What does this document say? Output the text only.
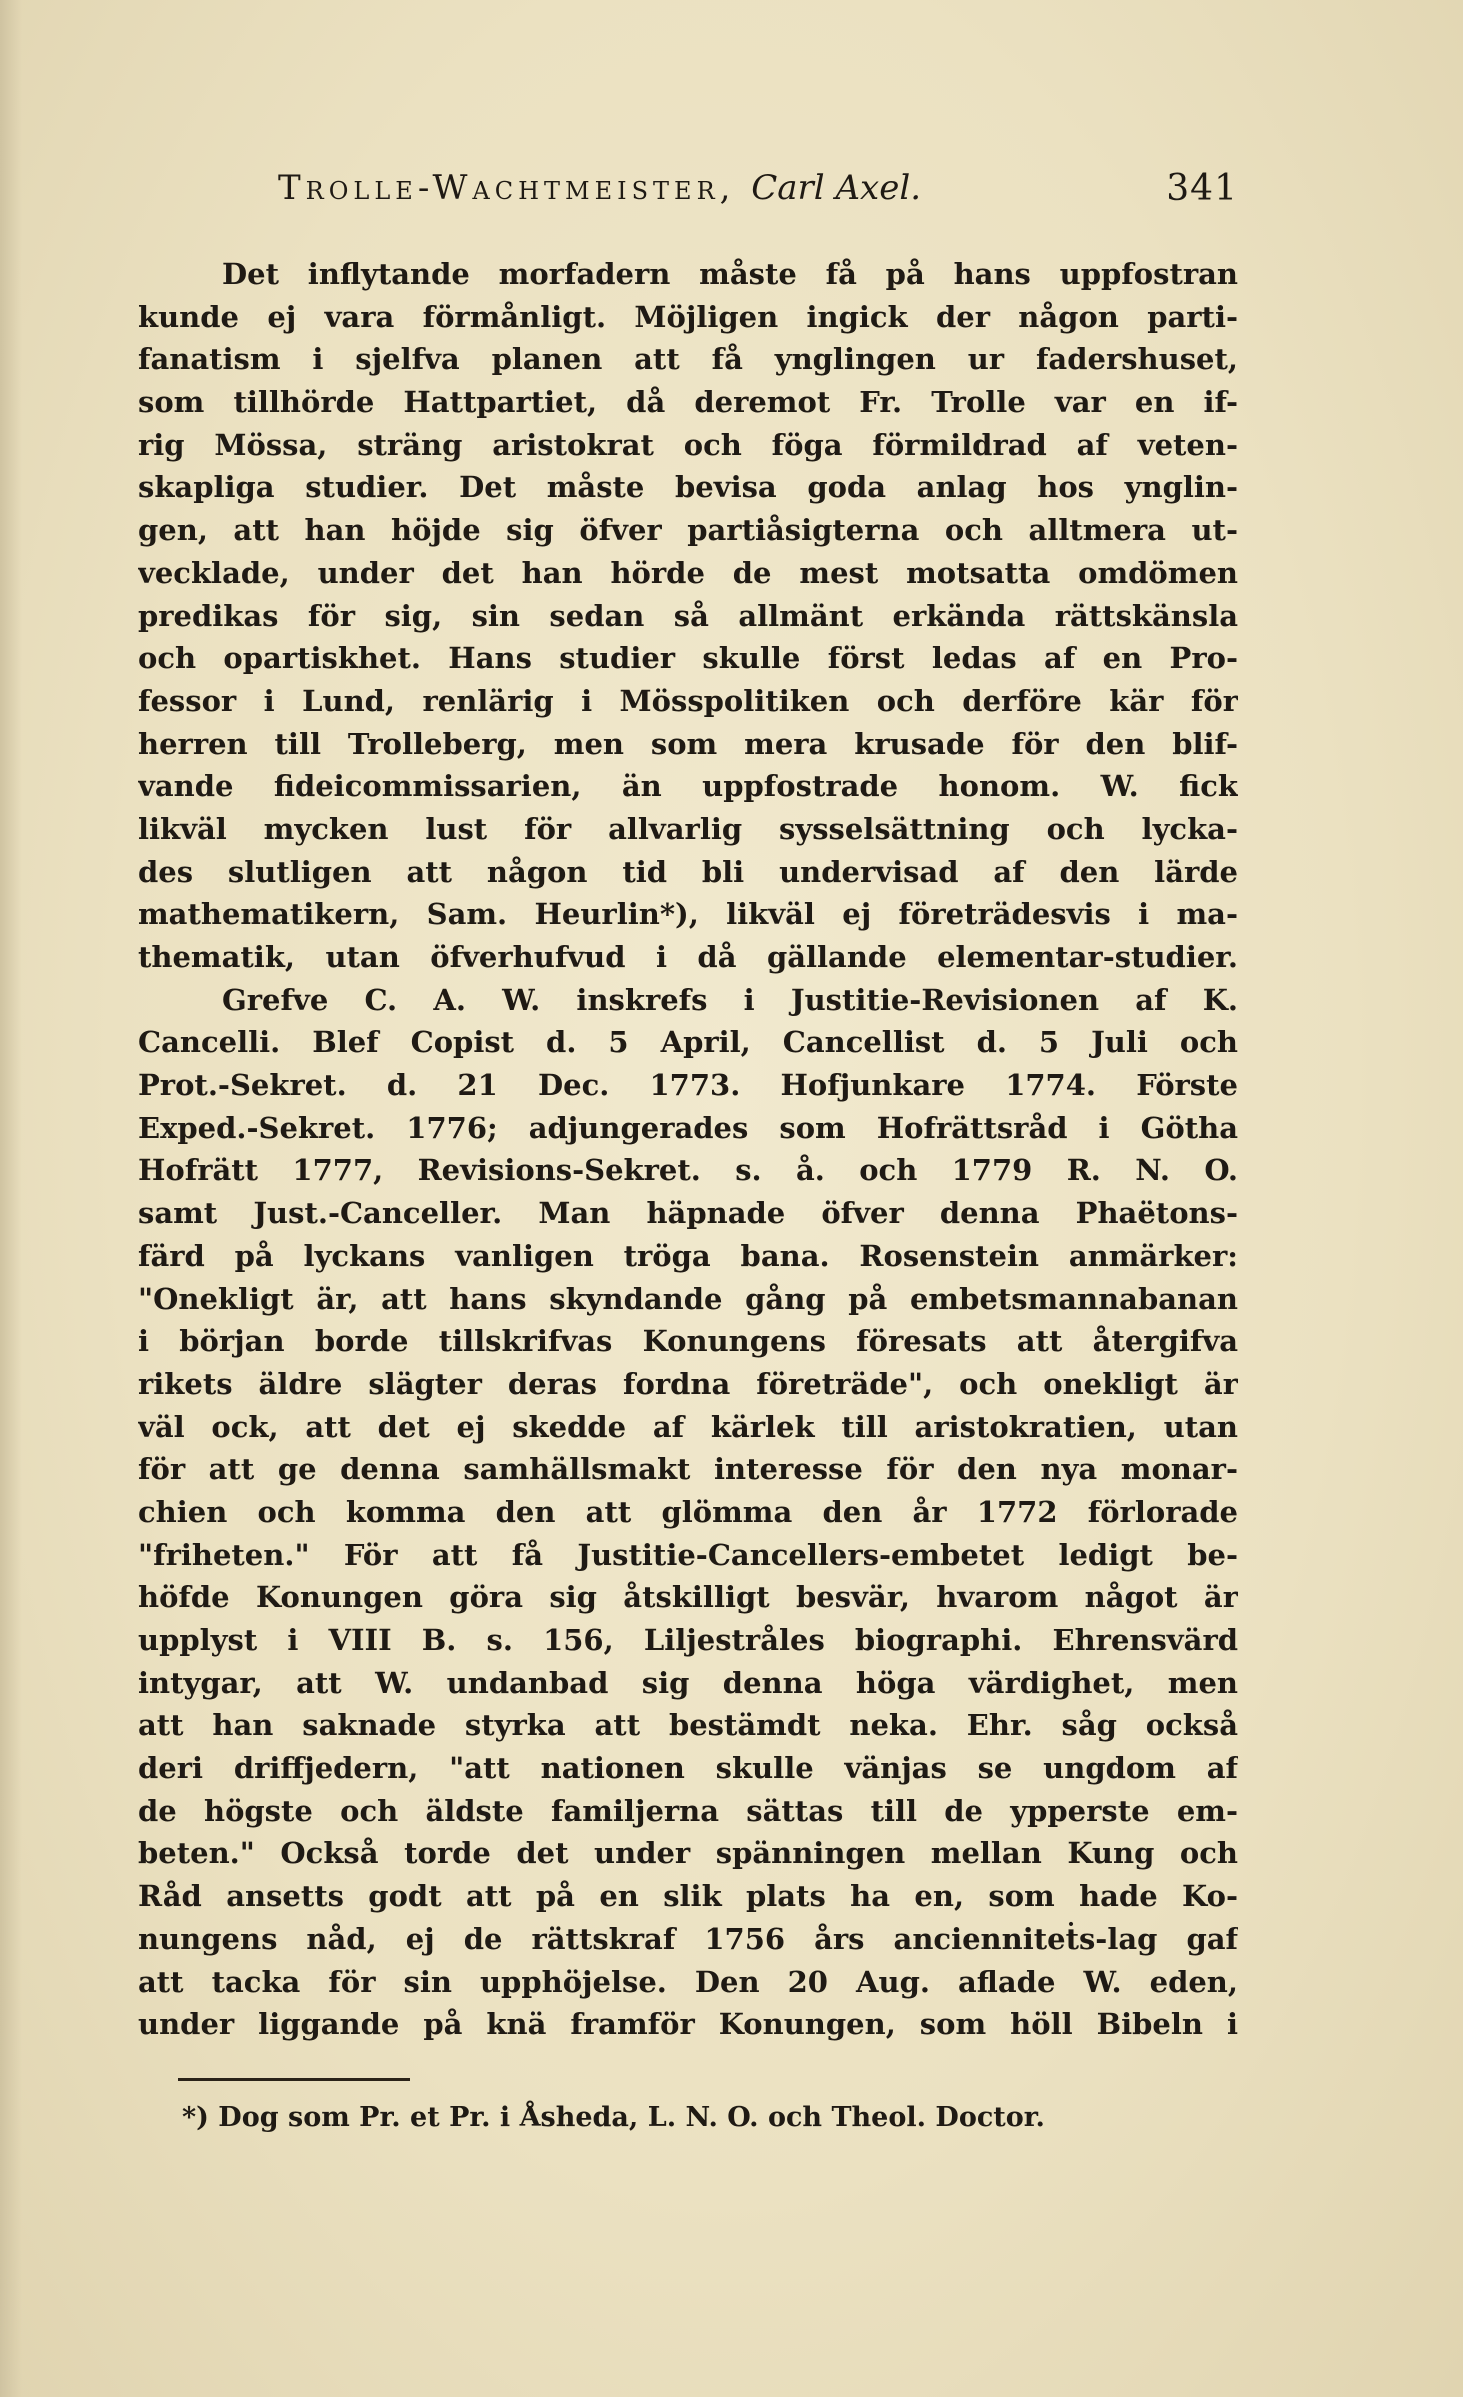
Trolle-Wachtmeister, Carl Axel.	341
Det inflytande morfadern måste få på hans uppfostran
kunde ej vara förmånligt. Möjligen ingick der någon parti-
fanatism i sjelfva planen att få ynglingen ur fadershuset,
som tillhörde Hattpartiet, då deremot Fr. Trolle var en if-
rig Mössa, sträng aristokrat och föga förmildrad af veten-
skapliga studier. Det måste bevisa goda anlag hos ynglin-
gen, att han höjde sig öfver partiåsigterna och alltmera ut-
vecklade, under det han hörde de mest motsatta omdömen
predikas för sig, sin sedan så allmänt erkända rättskänsla
och opartiskhet. Hans studier skulle först ledas af en Pro-
fessor i Lund, renlärig i Mösspolitiken och derföre kär för
herren till Trolleberg, men som mera krusade för den blif-
vande fideicommissarien, än uppfostrade honom. W. fick
likväl mycken lust för allvarlig sysselsättning och lycka-
des slutligen att någon tid bli undervisad af den lärde
mathematikern, Sam. Heurlin*), likväl ej företrädesvis i ma-
thematik, utan öfverhufvud i då gällande elementar-studier.
Grefve C. A. W. inskrefs i Justitie-Revisionen af K.
Cancelli. Blef Copist d. 5 April, Cancellist d. 5 Juli och
Prot.-Sekret. d. 21 Dec. 1773. Hofjunkare 1774. Förste
Exped.-Sekret. 1776; adjungerades som Hofrättsråd i Götha
Hofrätt 1777, Revisions-Sekret. s. å. och 1779 R. N. O.
samt Just.-Canceller. Man häpnade öfver denna Phaëtons-
färd på lyckans vanligen tröga bana. Rosenstein anmärker:
"Onekligt är, att hans skyndande gång på embetsmannabanan
i början borde tillskrifvas Konungens föresats att återgifva
rikets äldre slägter deras fordna företräde", och onekligt är
väl ock, att det ej skedde af kärlek till aristokratien, utan
för att ge denna samhällsmakt interesse för den nya monar-
chien och komma den att glömma den år 1772 förlorade
"friheten." För att få Justitie-Cancellers-embetet ledigt be-
höfde Konungen göra sig åtskilligt besvär, hvarom något är
upplyst i VIII B. s. 156, Liljestråles biographi. Ehrensvärd
intygar, att W. undanbad sig denna höga värdighet, men
att han saknade styrka att bestämdt neka. Ehr. såg också
deri driffjedern, "att nationen skulle vänjas se ungdom af
de högste och äldste familjerna sättas till de ypperste em-
beten." Också torde det under spänningen mellan Kung och
Råd ansetts godt att på en slik plats ha en, som hade Ko-
nungens nåd, ej de rättskraf 1756 års ancienniteṫs-lag gaf
att tacka för sin upphöjelse. Den 20 Aug. aflade W. eden,
under liggande på knä framför Konungen, som höll Bibeln i
*) Dog som Pr. et Pr. i Åsheda, L. N. O. och Theol. Doctor.
